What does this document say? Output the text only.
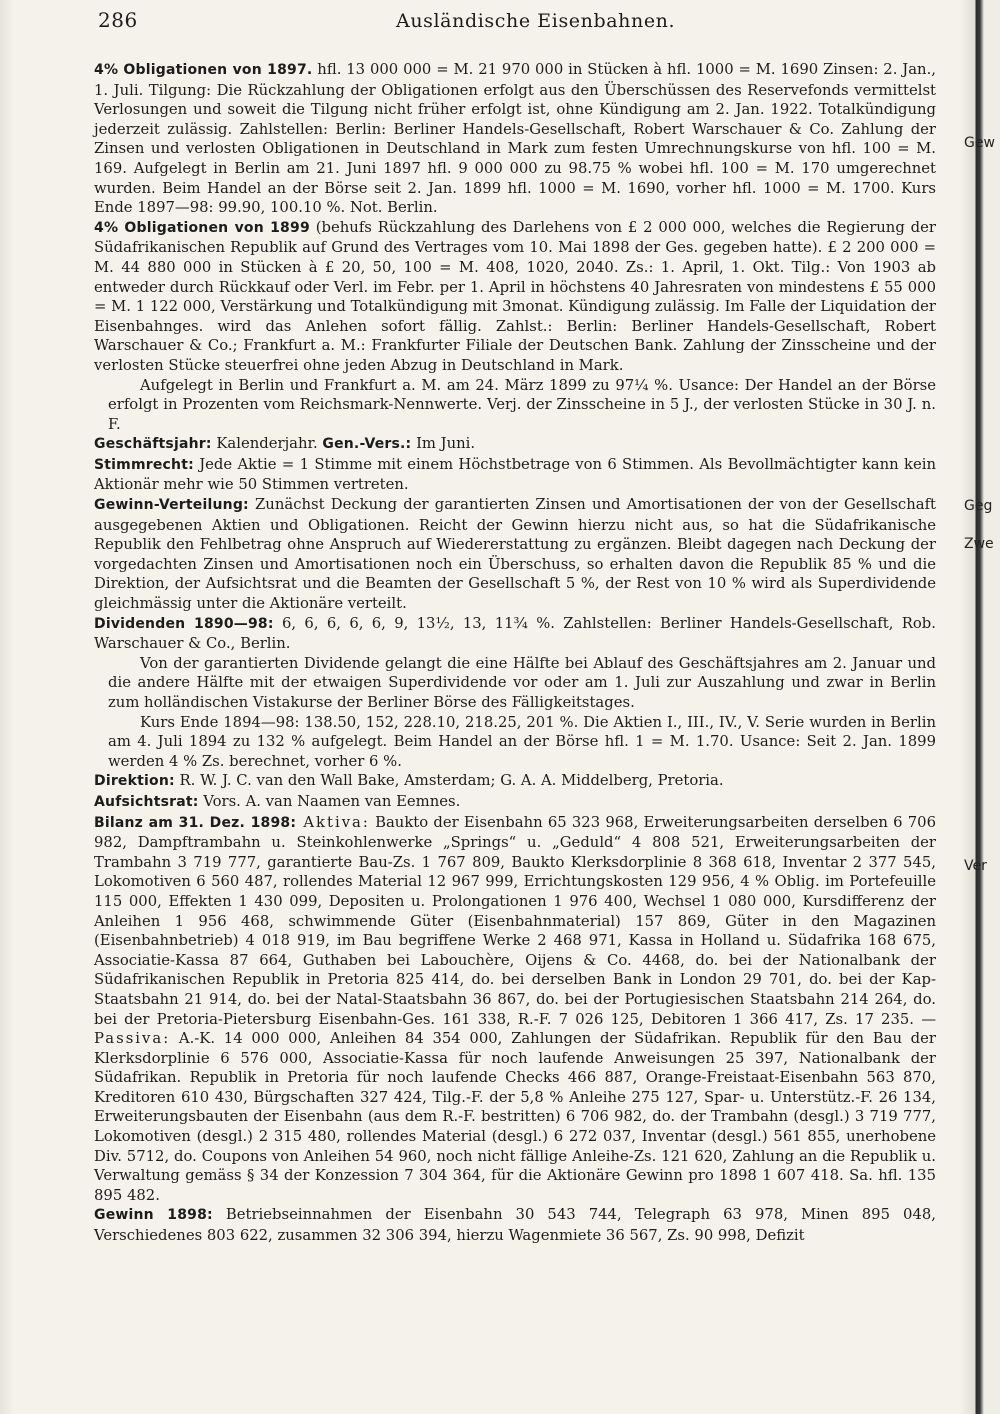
286	Ausländische Eisenbahnen.

4% Obligationen von 1897. hfl. 13 000 000 = M. 21 970 000 in Stücken à hfl. 1000 = M. 1690 Zinsen: 2. Jan., 1. Juli. Tilgung: Die Rückzahlung der Obligationen erfolgt aus den Überschüssen des Reservefonds vermittelst Verlosungen und soweit die Tilgung nicht früher erfolgt ist, ohne Kündigung am 2. Jan. 1922. Totalkündigung jederzeit zulässig. Zahlstellen: Berlin: Berliner Handels-Gesellschaft, Robert Warschauer & Co. Zahlung der Zinsen und verlosten Obligationen in Deutschland in Mark zum festen Umrechnungskurse von hfl. 100 = M. 169. Aufgelegt in Berlin am 21. Juni 1897 hfl. 9 000 000 zu 98.75 % wobei hfl. 100 = M. 170 umgerechnet wurden. Beim Handel an der Börse seit 2. Jan. 1899 hfl. 1000 = M. 1690, vorher hfl. 1000 = M. 1700. Kurs Ende 1897—98: 99.90, 100.10 %. Not. Berlin.

4% Obligationen von 1899 (behufs Rückzahlung des Darlehens von £ 2 000 000, welches die Regierung der Südafrikanischen Republik auf Grund des Vertrages vom 10. Mai 1898 der Ges. gegeben hatte). £ 2 200 000 = M. 44 880 000 in Stücken à £ 20, 50, 100 = M. 408, 1020, 2040. Zs.: 1. April, 1. Okt. Tilg.: Von 1903 ab entweder durch Rückkauf oder Verl. im Febr. per 1. April in höchstens 40 Jahresraten von mindestens £ 55 000 = M. 1 122 000, Verstärkung und Totalkündigung mit 3monat. Kündigung zulässig. Im Falle der Liquidation der Eisenbahnges. wird das Anlehen sofort fällig. Zahlst.: Berlin: Berliner Handels-Gesellschaft, Robert Warschauer & Co.; Frankfurt a. M.: Frankfurter Filiale der Deutschen Bank. Zahlung der Zinsscheine und der verlosten Stücke steuerfrei ohne jeden Abzug in Deutschland in Mark.

Aufgelegt in Berlin und Frankfurt a. M. am 24. März 1899 zu 97¼ %. Usance: Der Handel an der Börse erfolgt in Prozenten vom Reichsmark-Nennwerte. Verj. der Zinsscheine in 5 J., der verlosten Stücke in 30 J. n. F.

Geschäftsjahr: Kalenderjahr. Gen.-Vers.: Im Juni.

Stimmrecht: Jede Aktie = 1 Stimme mit einem Höchstbetrage von 6 Stimmen. Als Bevollmächtigter kann kein Aktionär mehr wie 50 Stimmen vertreten.

Gewinn-Verteilung: Zunächst Deckung der garantierten Zinsen und Amortisationen der von der Gesellschaft ausgegebenen Aktien und Obligationen. Reicht der Gewinn hierzu nicht aus, so hat die Südafrikanische Republik den Fehlbetrag ohne Anspruch auf Wiedererstattung zu ergänzen. Bleibt dagegen nach Deckung der vorgedachten Zinsen und Amortisationen noch ein Überschuss, so erhalten davon die Republik 85 % und die Direktion, der Aufsichtsrat und die Beamten der Gesellschaft 5 %, der Rest von 10 % wird als Superdividende gleichmässig unter die Aktionäre verteilt.

Dividenden 1890—98: 6, 6, 6, 6, 6, 9, 13½, 13, 11¾ %. Zahlstellen: Berliner Handels-Gesellschaft, Rob. Warschauer & Co., Berlin.

Von der garantierten Dividende gelangt die eine Hälfte bei Ablauf des Geschäftsjahres am 2. Januar und die andere Hälfte mit der etwaigen Superdividende vor oder am 1. Juli zur Auszahlung und zwar in Berlin zum holländischen Vistakurse der Berliner Börse des Fälligkeitstages.

Kurs Ende 1894—98: 138.50, 152, 228.10, 218.25, 201 %. Die Aktien I., III., IV., V. Serie wurden in Berlin am 4. Juli 1894 zu 132 % aufgelegt. Beim Handel an der Börse hfl. 1 = M. 1.70. Usance: Seit 2. Jan. 1899 werden 4 % Zs. berechnet, vorher 6 %.

Direktion: R. W. J. C. van den Wall Bake, Amsterdam; G. A. A. Middelberg, Pretoria.

Aufsichtsrat: Vors. A. van Naamen van Eemnes.

Bilanz am 31. Dez. 1898: Aktiva: Baukto der Eisenbahn 65 323 968, Erweiterungsarbeiten derselben 6 706 982, Dampftrambahn u. Steinkohlenwerke „Springs“ u. „Geduld“ 4 808 521, Erweiterungsarbeiten der Trambahn 3 719 777, garantierte Bau-Zs. 1 767 809, Baukto Klerksdorplinie 8 368 618, Inventar 2 377 545, Lokomotiven 6 560 487, rollendes Material 12 967 999, Errichtungskosten 129 956, 4 % Oblig. im Portefeuille 115 000, Effekten 1 430 099, Depositen u. Prolongationen 1 976 400, Wechsel 1 080 000, Kursdifferenz der Anleihen 1 956 468, schwimmende Güter (Eisenbahnmaterial) 157 869, Güter in den Magazinen (Eisenbahnbetrieb) 4 018 919, im Bau begriffene Werke 2 468 971, Kassa in Holland u. Südafrika 168 675, Associatie-Kassa 87 664, Guthaben bei Labouchère, Oijens & Co. 4468, do. bei der Nationalbank der Südafrikanischen Republik in Pretoria 825 414, do. bei derselben Bank in London 29 701, do. bei der Kap-Staatsbahn 21 914, do. bei der Natal-Staatsbahn 36 867, do. bei der Portugiesischen Staatsbahn 214 264, do. bei der Pretoria-Pietersburg Eisenbahn-Ges. 161 338, R.-F. 7 026 125, Debitoren 1 366 417, Zs. 17 235. — Passiva: A.-K. 14 000 000, Anleihen 84 354 000, Zahlungen der Südafrikan. Republik für den Bau der Klerksdorplinie 6 576 000, Associatie-Kassa für noch laufende Anweisungen 25 397, Nationalbank der Südafrikan. Republik in Pretoria für noch laufende Checks 466 887, Orange-Freistaat-Eisenbahn 563 870, Kreditoren 610 430, Bürgschaften 327 424, Tilg.-F. der 5,8 % Anleihe 275 127, Spar- u. Unterstütz.-F. 26 134, Erweiterungsbauten der Eisenbahn (aus dem R.-F. bestritten) 6 706 982, do. der Trambahn (desgl.) 3 719 777, Lokomotiven (desgl.) 2 315 480, rollendes Material (desgl.) 6 272 037, Inventar (desgl.) 561 855, unerhobene Div. 5712, do. Coupons von Anleihen 54 960, noch nicht fällige Anleihe-Zs. 121 620, Zahlung an die Republik u. Verwaltung gemäss § 34 der Konzession 7 304 364, für die Aktionäre Gewinn pro 1898 1 607 418. Sa. hfl. 135 895 482.

Gewinn 1898: Betriebseinnahmen der Eisenbahn 30 543 744, Telegraph 63 978, Minen 895 048, Verschiedenes 803 622, zusammen 32 306 394, hierzu Wagenmiete 36 567, Zs. 90 998, Defizit

Gew
Geg
Zwe
Ver
